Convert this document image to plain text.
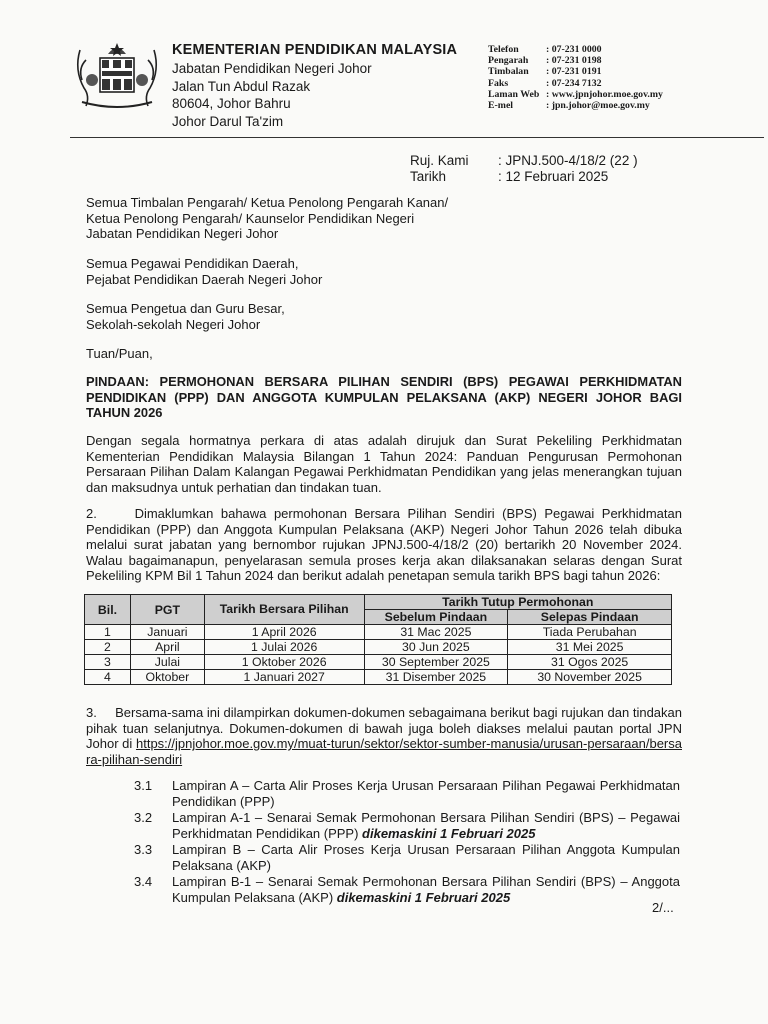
KEMENTERIAN PENDIDIKAN MALAYSIA
Jabatan Pendidikan Negeri Johor
Jalan Tun Abdul Razak
80604, Johor Bahru
Johor Darul Ta'zim
Telefon	: 07-231 0000
Pengarah	: 07-231 0198
Timbalan	: 07-231 0191
Faks	: 07-234 7132
Laman Web : www.jpnjohor.moe.gov.my
E-mel	: jpn.johor@moe.gov.my
Ruj. Kami	: JPNJ.500-4/18/2 (22 )
Tarikh	: 12 Februari 2025
Semua Timbalan Pengarah/ Ketua Penolong Pengarah Kanan/
Ketua Penolong Pengarah/ Kaunselor Pendidikan Negeri
Jabatan Pendidikan Negeri Johor
Semua Pegawai Pendidikan Daerah,
Pejabat Pendidikan Daerah Negeri Johor
Semua Pengetua dan Guru Besar,
Sekolah-sekolah Negeri Johor
Tuan/Puan,
PINDAAN: PERMOHONAN BERSARA PILIHAN SENDIRI (BPS) PEGAWAI PERKHIDMATAN PENDIDIKAN (PPP) DAN ANGGOTA KUMPULAN PELAKSANA (AKP) NEGERI JOHOR BAGI TAHUN 2026
Dengan segala hormatnya perkara di atas adalah dirujuk dan Surat Pekeliling Perkhidmatan Kementerian Pendidikan Malaysia Bilangan 1 Tahun 2024: Panduan Pengurusan Permohonan Persaraan Pilihan Dalam Kalangan Pegawai Perkhidmatan Pendidikan yang jelas menerangkan tujuan dan maksudnya untuk perhatian dan tindakan tuan.
2.     Dimaklumkan bahawa permohonan Bersara Pilihan Sendiri (BPS) Pegawai Perkhidmatan Pendidikan (PPP) dan Anggota Kumpulan Pelaksana (AKP) Negeri Johor Tahun 2026 telah dibuka melalui surat jabatan yang bernombor rujukan JPNJ.500-4/18/2 (20) bertarikh 20 November 2024. Walau bagaimanapun, penyelarasan semula proses kerja akan dilaksanakan selaras dengan Surat Pekeliling KPM Bil 1 Tahun 2024 dan berikut adalah penetapan semula tarikh BPS bagi tahun 2026:
Bil.	PGT	Tarikh Bersara Pilihan	Tarikh Tutup Permohonan	
			Sebelum Pindaan	Selepas Pindaan
1	Januari	1 April 2026	31 Mac 2025	Tiada Perubahan
2	April	1 Julai 2026	30 Jun 2025	31 Mei 2025
3	Julai	1 Oktober 2026	30 September 2025	31 Ogos 2025
4	Oktober	1 Januari 2027	31 Disember 2025	30 November 2025
3.     Bersama-sama ini dilampirkan dokumen-dokumen sebagaimana berikut bagi rujukan dan tindakan pihak tuan selanjutnya. Dokumen-dokumen di bawah juga boleh diakses melalui pautan portal JPN Johor di https://jpnjohor.moe.gov.my/muat-turun/sektor/sektor-sumber-manusia/urusan-persaraan/bersara-pilihan-sendiri
3.1	Lampiran A – Carta Alir Proses Kerja Urusan Persaraan Pilihan Pegawai Perkhidmatan Pendidikan (PPP)
3.2	Lampiran A-1 – Senarai Semak Permohonan Bersara Pilihan Sendiri (BPS) – Pegawai Perkhidmatan Pendidikan (PPP) dikemaskini 1 Februari 2025
3.3	Lampiran B – Carta Alir Proses Kerja Urusan Persaraan Pilihan Anggota Kumpulan Pelaksana (AKP)
3.4	Lampiran B-1 – Senarai Semak Permohonan Bersara Pilihan Sendiri (BPS) – Anggota Kumpulan Pelaksana (AKP) dikemaskini 1 Februari 2025
2/...
